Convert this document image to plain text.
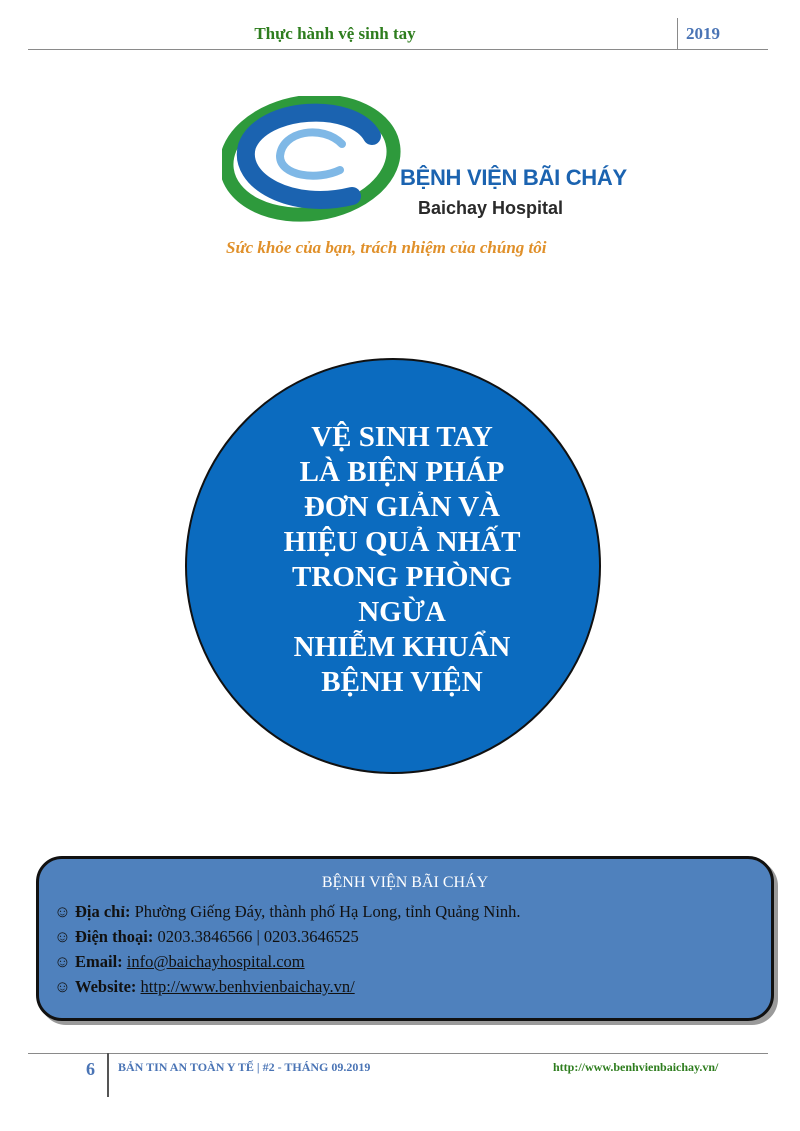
Thực hành vệ sinh tay	2019
BỆNH VIỆN BÃI CHÁY
Baichay Hospital
Sức khỏe của bạn, trách nhiệm của chúng tôi
VỆ SINH TAY
LÀ BIỆN PHÁP
ĐƠN GIẢN VÀ
HIỆU QUẢ NHẤT
TRONG PHÒNG
NGỪA
NHIỄM KHUẨN
BỆNH VIỆN
BỆNH VIỆN BÃI CHÁY
☺ Địa chỉ: Phường Giếng Đáy, thành phố Hạ Long, tỉnh Quảng Ninh.
☺ Điện thoại: 0203.3846566 | 0203.3646525
☺ Email: info@baichayhospital.com
☺ Website: http://www.benhvienbaichay.vn/
6 BẢN TIN AN TOÀN Y TẾ | #2 - THÁNG 09.2019	http://www.benhvienbaichay.vn/
